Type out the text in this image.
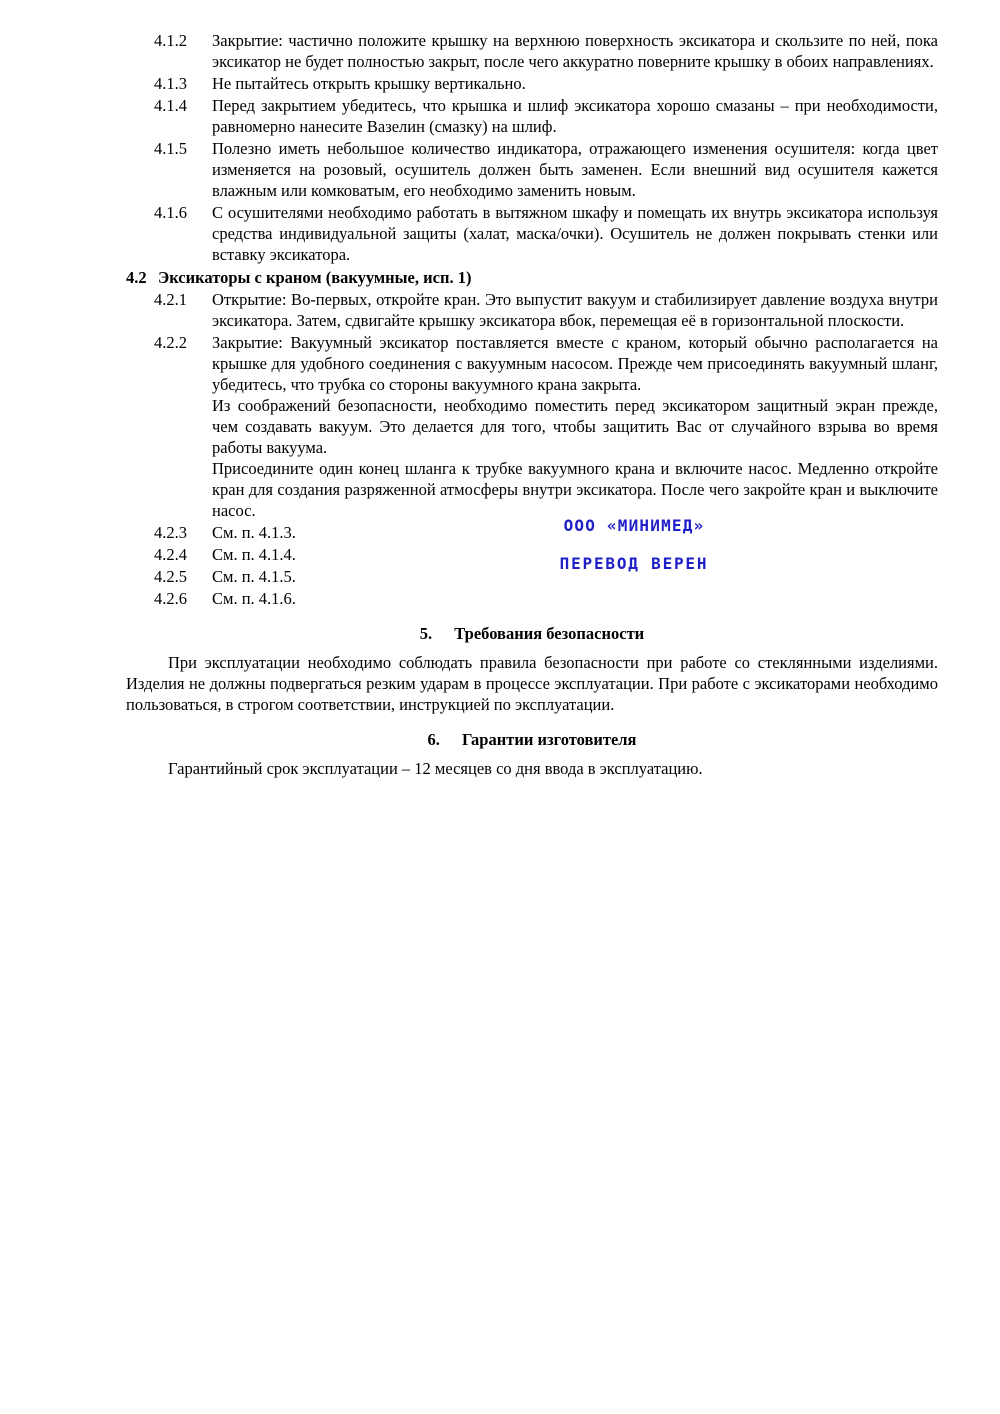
4.1.2	Закрытие: частично положите крышку на верхнюю поверхность эксикатора и скользите по ней, пока эксикатор не будет полностью закрыт, после чего аккуратно поверните крышку в обоих направлениях.
4.1.3	Не пытайтесь открыть крышку вертикально.
4.1.4	Перед закрытием убедитесь, что крышка и шлиф эксикатора хорошо смазаны – при необходимости, равномерно нанесите Вазелин (смазку) на шлиф.
4.1.5	Полезно иметь небольшое количество индикатора, отражающего изменения осушителя: когда цвет изменяется на розовый, осушитель должен быть заменен. Если внешний вид осушителя кажется влажным или комковатым, его необходимо заменить новым.
4.1.6	С осушителями необходимо работать в вытяжном шкафу и помещать их внутрь эксикатора используя средства индивидуальной защиты (халат, маска/очки). Осушитель не должен покрывать стенки или вставку эксикатора.
4.2 Эксикаторы с краном (вакуумные, исп. 1)
4.2.1	Открытие: Во-первых, откройте кран. Это выпустит вакуум и стабилизирует давление воздуха внутри эксикатора. Затем, сдвигайте крышку эксикатора вбок, перемещая её в горизонтальной плоскости.
4.2.2	Закрытие: Вакуумный эксикатор поставляется вместе с краном, который обычно располагается на крышке для удобного соединения с вакуумным насосом. Прежде чем присоединять вакуумный шланг, убедитесь, что трубка со стороны вакуумного крана закрыта.

Из соображений безопасности, необходимо поместить перед эксикатором защитный экран прежде, чем создавать вакуум. Это делается для того, чтобы защитить Вас от случайного взрыва во время работы вакуума.

Присоедините один конец шланга к трубке вакуумного крана и включите насос. Медленно откройте кран для создания разряженной атмосферы внутри эксикатора. После чего закройте кран и выключите насос.

4.2.3	См. п. 4.1.3.
4.2.4	См. п. 4.1.4.
4.2.5	См. п. 4.1.5.
4.2.6	См. п. 4.1.6.
ООО «МИНИМЕД»
ПЕРЕВОД ВЕРЕН
5. Требования безопасности

При эксплуатации необходимо соблюдать правила безопасности при работе со стеклянными изделиями. Изделия не должны подвергаться резким ударам в процессе эксплуатации. При работе с эксикаторами необходимо пользоваться, в строгом соответствии, инструкцией по эксплуатации.

6. Гарантии изготовителя

Гарантийный срок эксплуатации – 12 месяцев со дня ввода в эксплуатацию.
